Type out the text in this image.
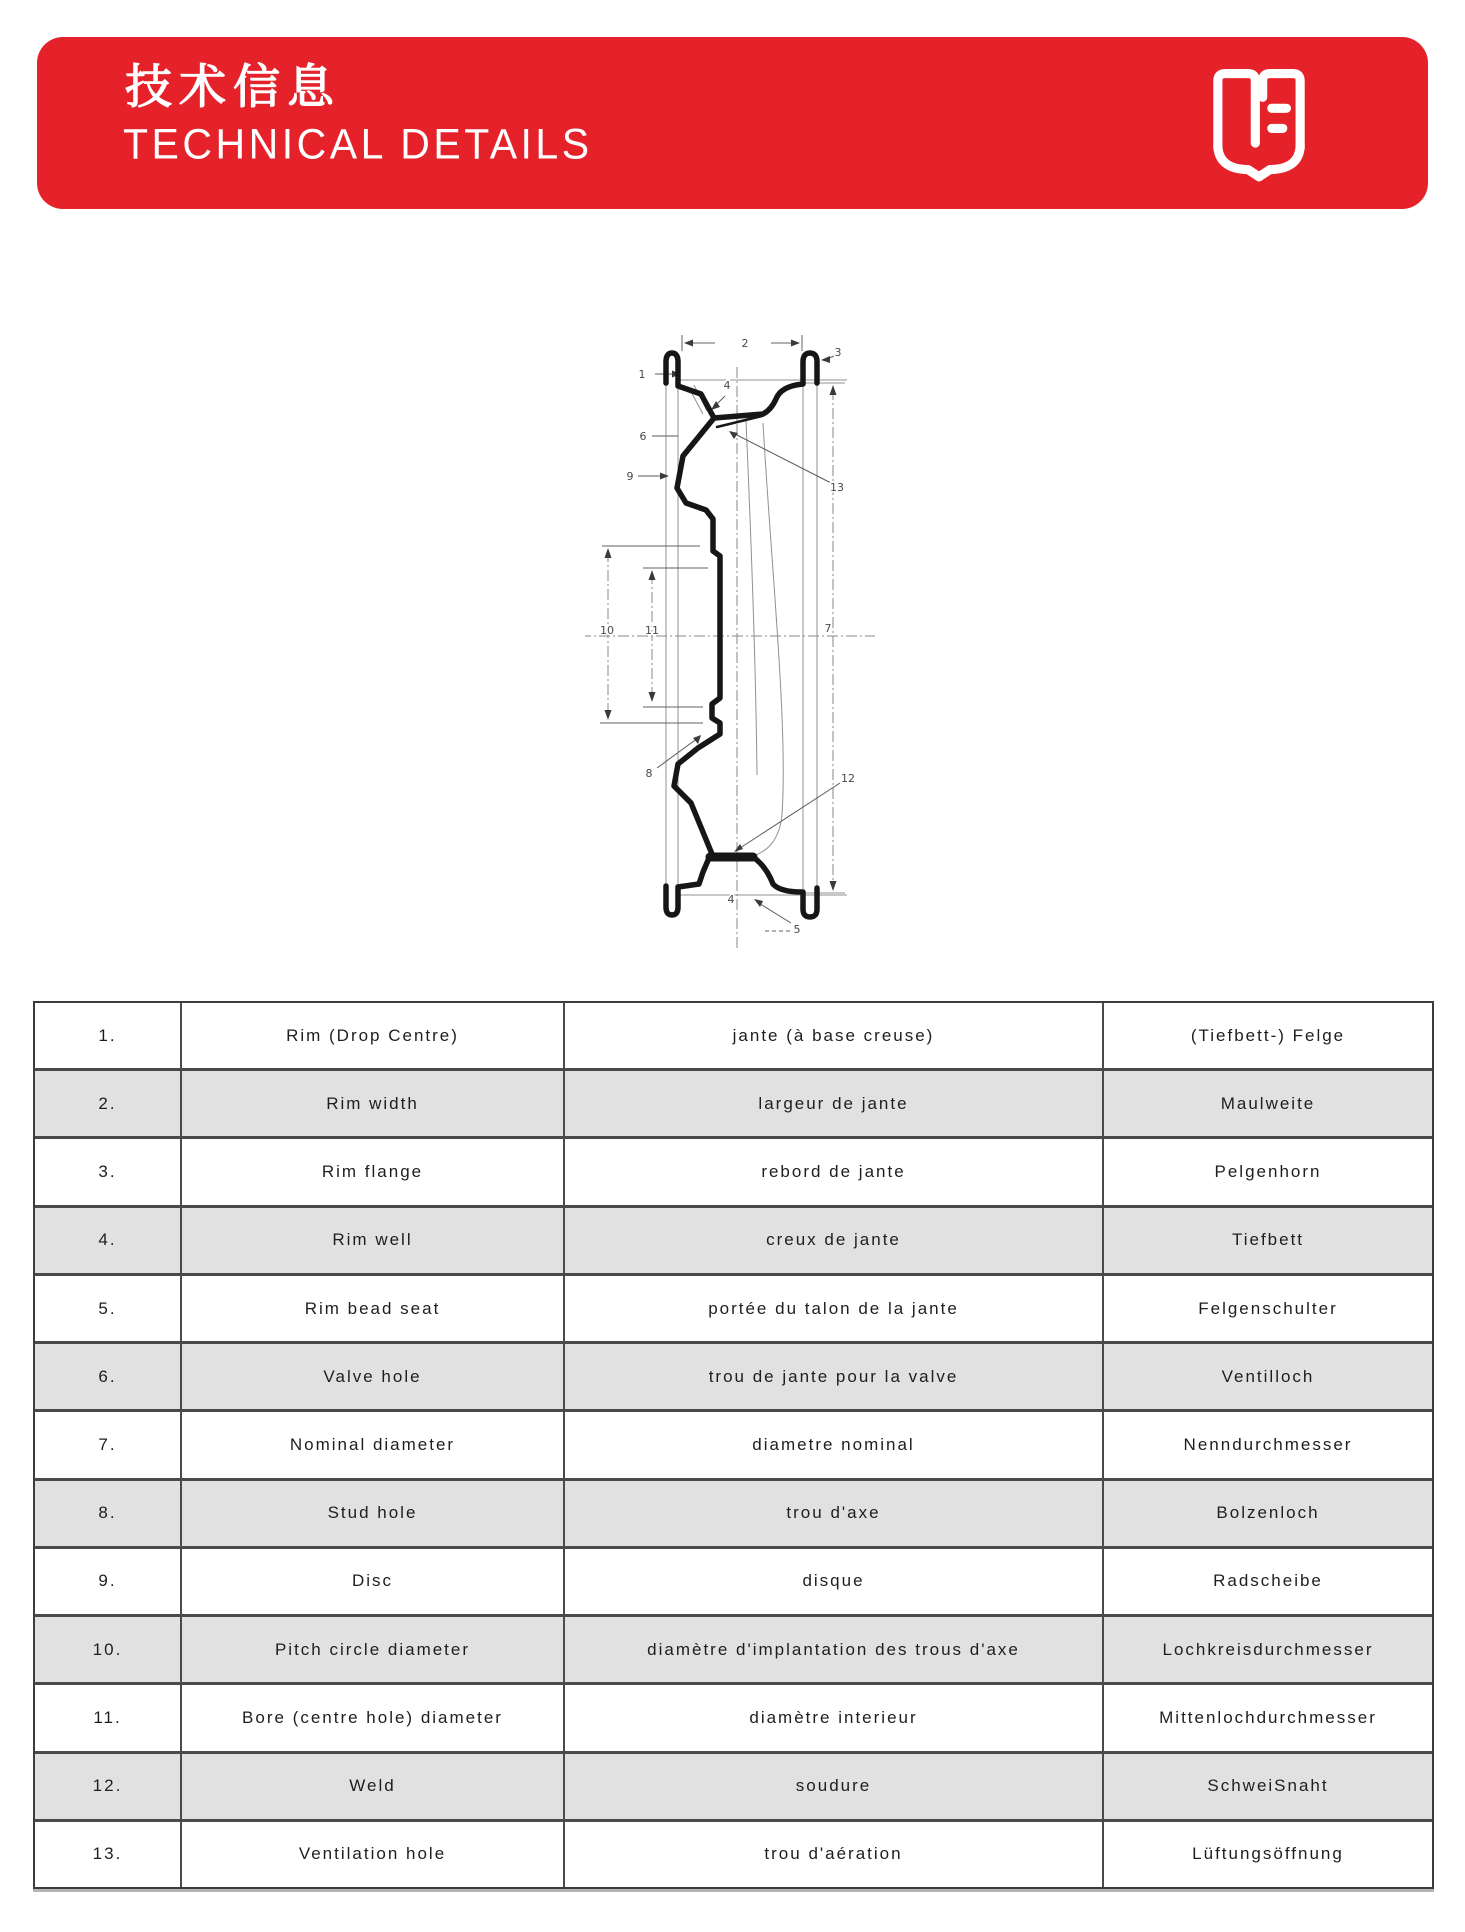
技术信息
TECHNICAL DETAILS
1
2
3
4
6
9
13
10	11	7
8	12
5
4
1.	Rim (Drop Centre)	jante (à base creuse)	(Tiefbett-) Felge
2.	Rim width	largeur de jante	Maulweite
3.	Rim flange	rebord de jante	Pelgenhorn
4.	Rim well	creux de jante	Tiefbett
5.	Rim bead seat	portée du talon de la jante	Felgenschulter
6.	Valve hole	trou de jante pour la valve	Ventilloch
7.	Nominal diameter	diametre nominal	Nenndurchmesser
8.	Stud hole	trou d'axe	Bolzenloch
9.	Disc	disque	Radscheibe
10.	Pitch circle diameter	diamètre d'implantation des trous d'axe	Lochkreisdurchmesser
11.	Bore (centre hole) diameter	diamètre interieur	Mittenlochdurchmesser
12.	Weld	soudure	SchweiSnaht
13.	Ventilation hole	trou d'aération	Lüftungsöffnung
